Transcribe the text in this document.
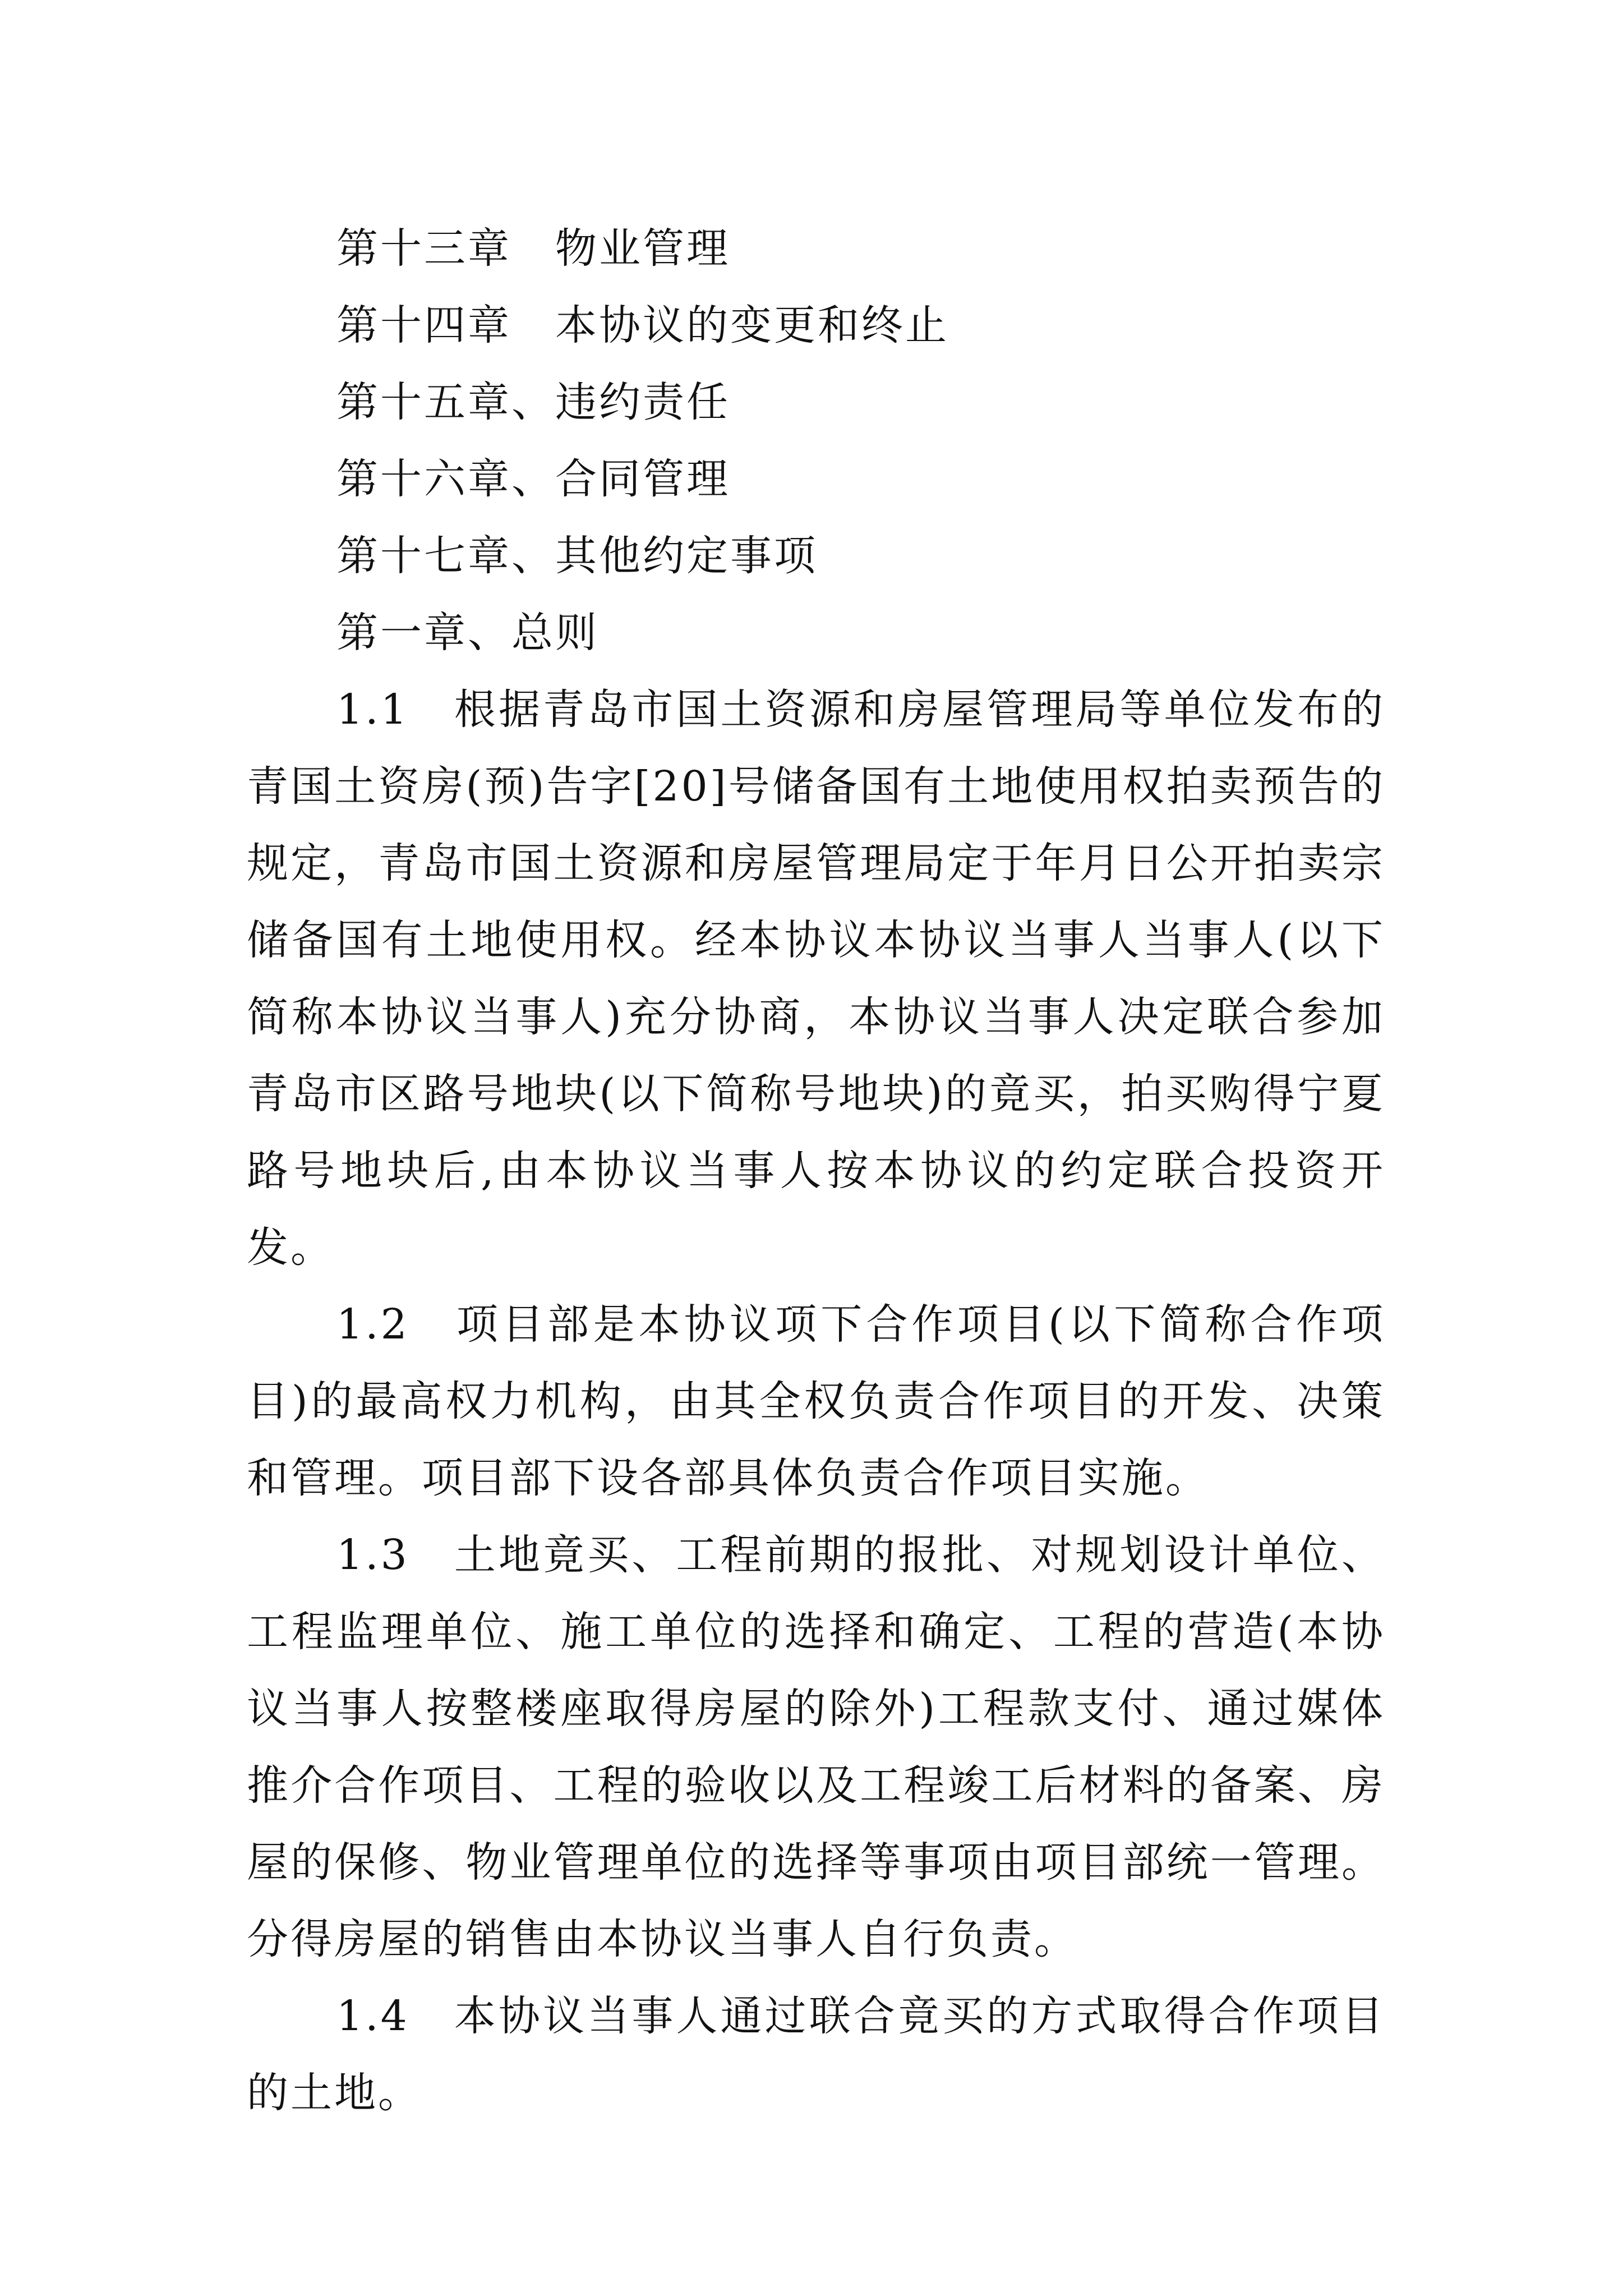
第十三章　物业管理

第十四章　本协议的变更和终止

第十五章、违约责任

第十六章、合同管理

第十七章、其他约定事项

第一章、总则

1.1　根据青岛市国土资源和房屋管理局等单位发布的青国土资房(预)告字[20]号储备国有土地使用权拍卖预告的规定，青岛市国土资源和房屋管理局定于年月日公开拍卖宗储备国有土地使用权。经本协议本协议当事人当事人(以下简称本协议当事人)充分协商，本协议当事人决定联合参加青岛市区路号地块(以下简称号地块)的竟买，拍买购得宁夏路号地块后,由本协议当事人按本协议的约定联合投资开发。

1.2　项目部是本协议项下合作项目(以下简称合作项目)的最高权力机构，由其全权负责合作项目的开发、决策和管理。项目部下设各部具体负责合作项目实施。

1.3　土地竟买、工程前期的报批、对规划设计单位、工程监理单位、施工单位的选择和确定、工程的营造(本协议当事人按整楼座取得房屋的除外)工程款支付、通过媒体推介合作项目、工程的验收以及工程竣工后材料的备案、房屋的保修、物业管理单位的选择等事项由项目部统一管理。分得房屋的销售由本协议当事人自行负责。

1.4　本协议当事人通过联合竟买的方式取得合作项目的土地。
